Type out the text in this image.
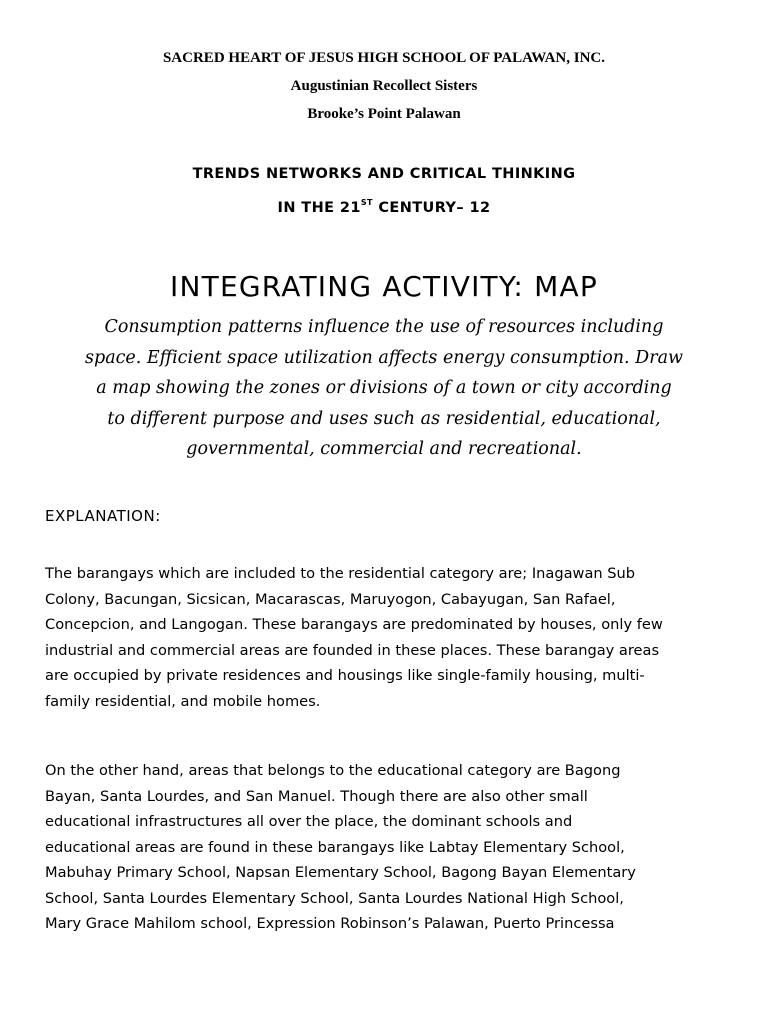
SACRED HEART OF JESUS HIGH SCHOOL OF PALAWAN, INC.
Augustinian Recollect Sisters
Brooke’s Point Palawan
TRENDS NETWORKS AND CRITICAL THINKING
IN THE 21ST CENTURY– 12
INTEGRATING ACTIVITY: MAP
Consumption patterns influence the use of resources including
space. Efficient space utilization affects energy consumption. Draw
a map showing the zones or divisions of a town or city according
to different purpose and uses such as residential, educational,
governmental, commercial and recreational.
EXPLANATION:
The barangays which are included to the residential category are; Inagawan Sub
Colony, Bacungan, Sicsican, Macarascas, Maruyogon, Cabayugan, San Rafael,
Concepcion, and Langogan. These barangays are predominated by houses, only few
industrial and commercial areas are founded in these places. These barangay areas
are occupied by private residences and housings like single-family housing, multi-
family residential, and mobile homes.
On the other hand, areas that belongs to the educational category are Bagong
Bayan, Santa Lourdes, and San Manuel. Though there are also other small
educational infrastructures all over the place, the dominant schools and
educational areas are found in these barangays like Labtay Elementary School,
Mabuhay Primary School, Napsan Elementary School, Bagong Bayan Elementary
School, Santa Lourdes Elementary School, Santa Lourdes National High School,
Mary Grace Mahilom school, Expression Robinson’s Palawan, Puerto Princessa
